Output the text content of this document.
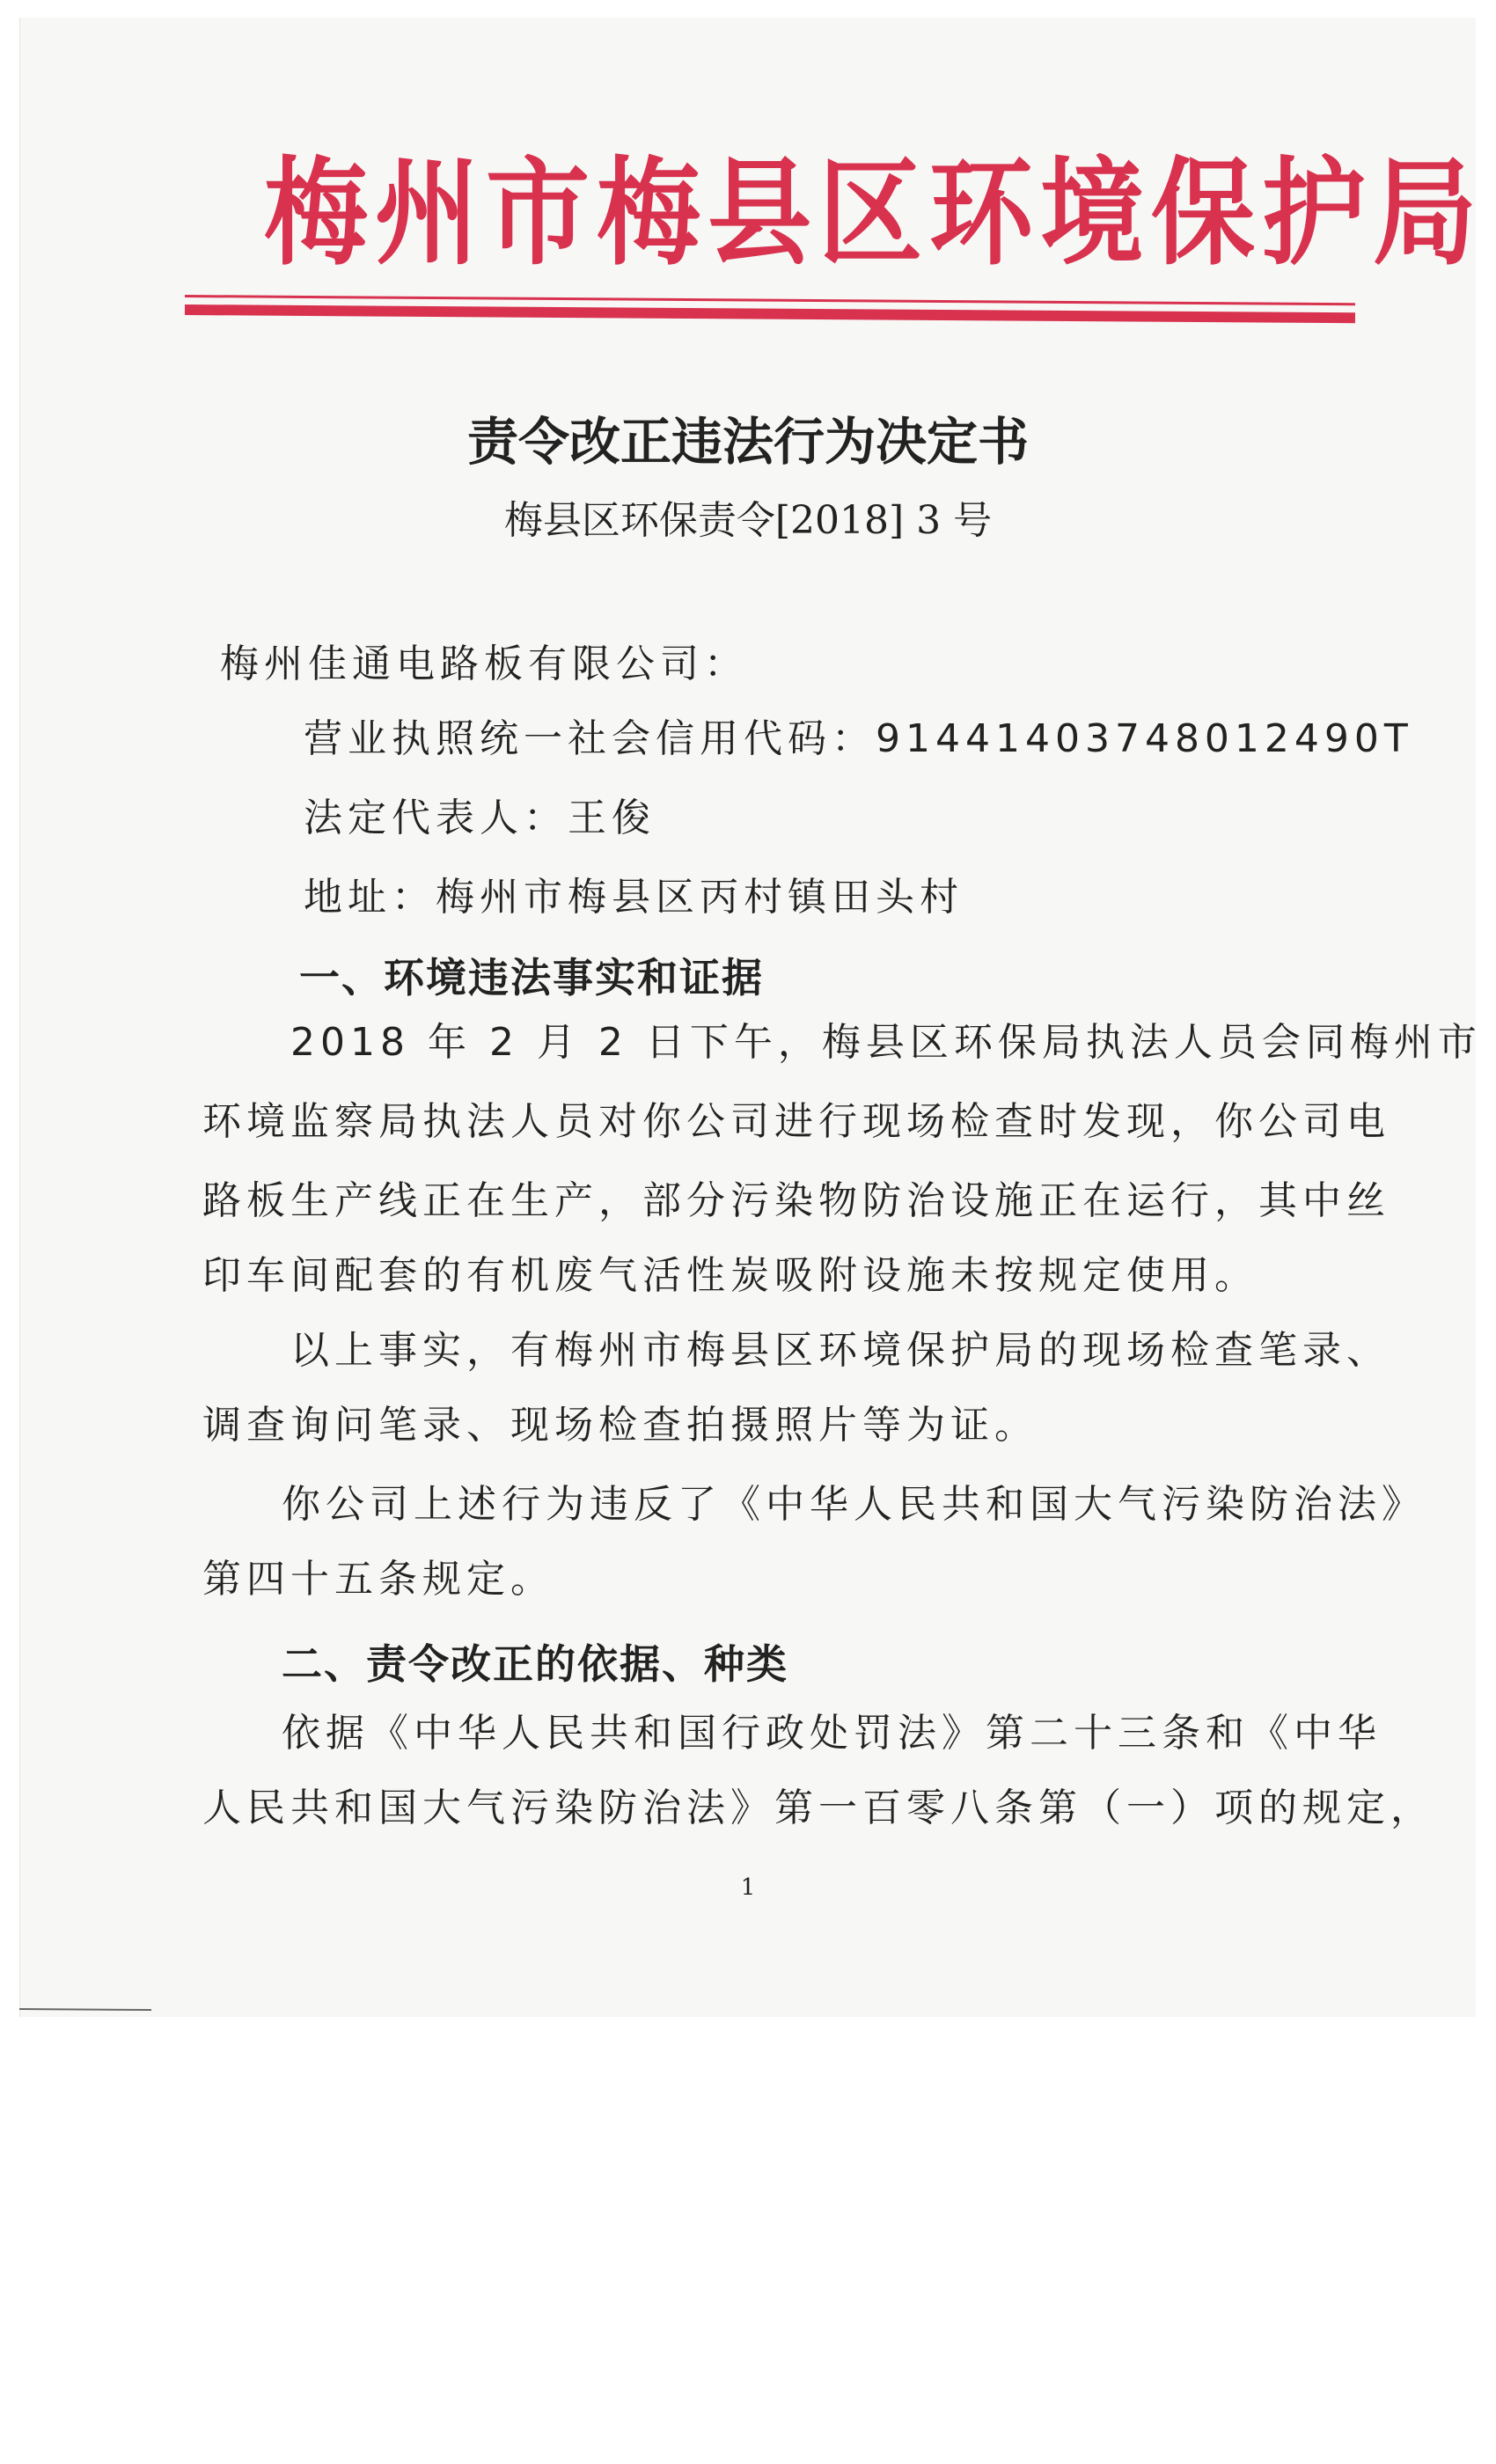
梅州市梅县区环境保护局
责令改正违法行为决定书
梅县区环保责令[2018] 3 号
梅州佳通电路板有限公司：
营业执照统一社会信用代码：91441403748012490T
法定代表人：王俊
地址：梅州市梅县区丙村镇田头村
一、环境违法事实和证据
2018 年 2 月 2 日下午，梅县区环保局执法人员会同梅州市
环境监察局执法人员对你公司进行现场检查时发现，你公司电
路板生产线正在生产，部分污染物防治设施正在运行，其中丝
印车间配套的有机废气活性炭吸附设施未按规定使用。
以上事实，有梅州市梅县区环境保护局的现场检查笔录、
调查询问笔录、现场检查拍摄照片等为证。
你公司上述行为违反了《中华人民共和国大气污染防治法》
第四十五条规定。
二、责令改正的依据、种类
依据《中华人民共和国行政处罚法》第二十三条和《中华
人民共和国大气污染防治法》第一百零八条第（一）项的规定，
1
